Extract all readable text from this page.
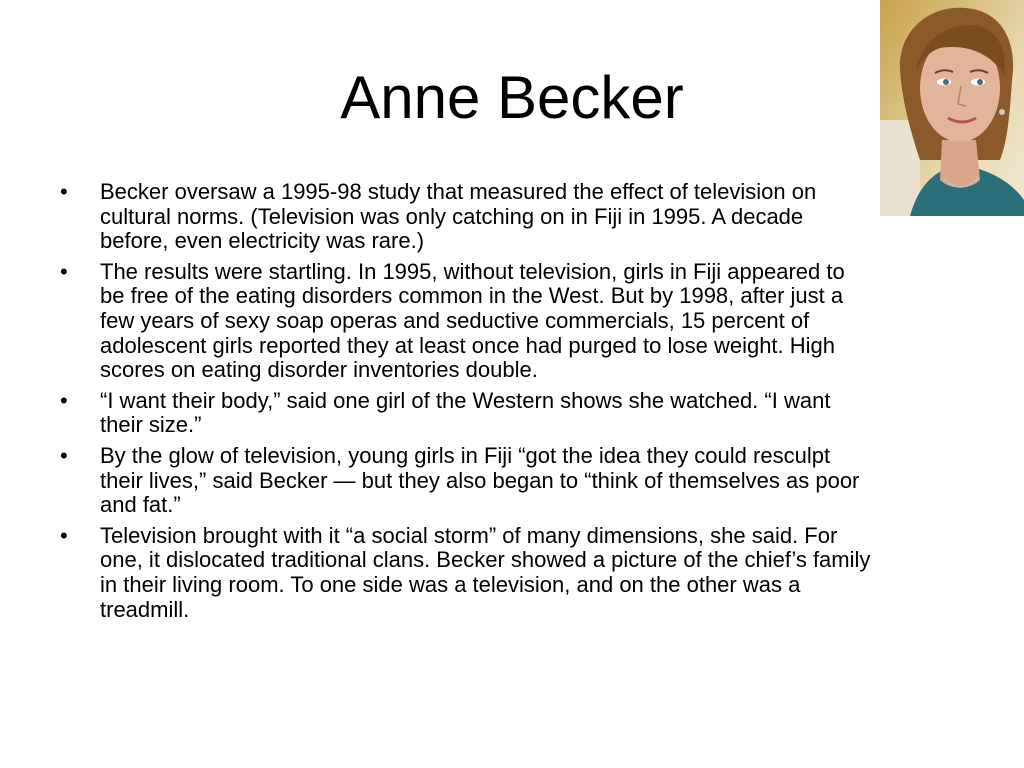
Anne Becker
• Becker oversaw a 1995-98 study that measured the effect of television on cultural norms. (Television was only catching on in Fiji in 1995. A decade before, even electricity was rare.)
• The results were startling. In 1995, without television, girls in Fiji appeared to be free of the eating disorders common in the West. But by 1998, after just a few years of sexy soap operas and seductive commercials, 15 percent of adolescent girls reported they at least once had purged to lose weight. High scores on eating disorder inventories double.
• “I want their body,” said one girl of the Western shows she watched. “I want their size.”
• By the glow of television, young girls in Fiji “got the idea they could resculpt their lives,” said Becker — but they also began to “think of themselves as poor and fat.”
• Television brought with it “a social storm” of many dimensions, she said. For one, it dislocated traditional clans. Becker showed a picture of the chief’s family in their living room. To one side was a television, and on the other was a treadmill.
